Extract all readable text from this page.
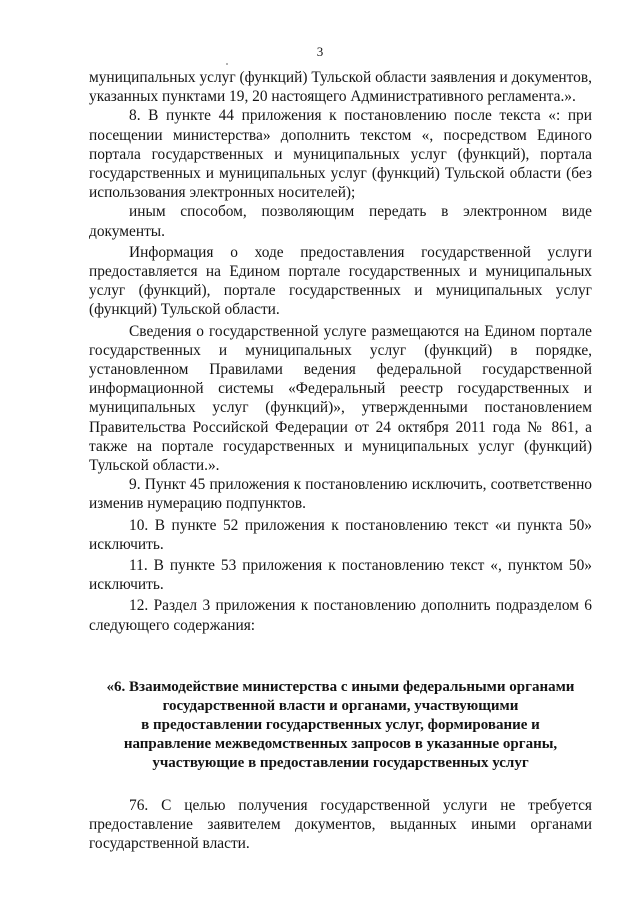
3

муниципальных услуг (функций) Тульской области заявления и документов, указанных пунктами 19, 20 настоящего Административного регламента.».

8. В пункте 44 приложения к постановлению после текста «: при посещении министерства» дополнить текстом «, посредством Единого портала государственных и муниципальных услуг (функций), портала государственных и муниципальных услуг (функций) Тульской области (без использования электронных носителей);

иным способом, позволяющим передать в электронном виде документы.

Информация о ходе предоставления государственной услуги предоставляется на Едином портале государственных и муниципальных услуг (функций), портале государственных и муниципальных услуг (функций) Тульской области.

Сведения о государственной услуге размещаются на Едином портале государственных и муниципальных услуг (функций) в порядке, установленном Правилами ведения федеральной государственной информационной системы «Федеральный реестр государственных и муниципальных услуг (функций)», утвержденными постановлением Правительства Российской Федерации от 24 октября 2011 года № 861, а также на портале государственных и муниципальных услуг (функций) Тульской области.».

9. Пункт 45 приложения к постановлению исключить, соответственно изменив нумерацию подпунктов.

10. В пункте 52 приложения к постановлению текст «и пункта 50» исключить.

11. В пункте 53 приложения к постановлению текст «, пунктом 50» исключить.

12. Раздел 3 приложения к постановлению дополнить подразделом 6 следующего содержания:

«6. Взаимодействие министерства с иными федеральными органами
государственной власти и органами, участвующими
в предоставлении государственных услуг, формирование и
направление межведомственных запросов в указанные органы,
участвующие в предоставлении государственных услуг

76. С целью получения государственной услуги не требуется предоставление заявителем документов, выданных иными органами государственной власти.
